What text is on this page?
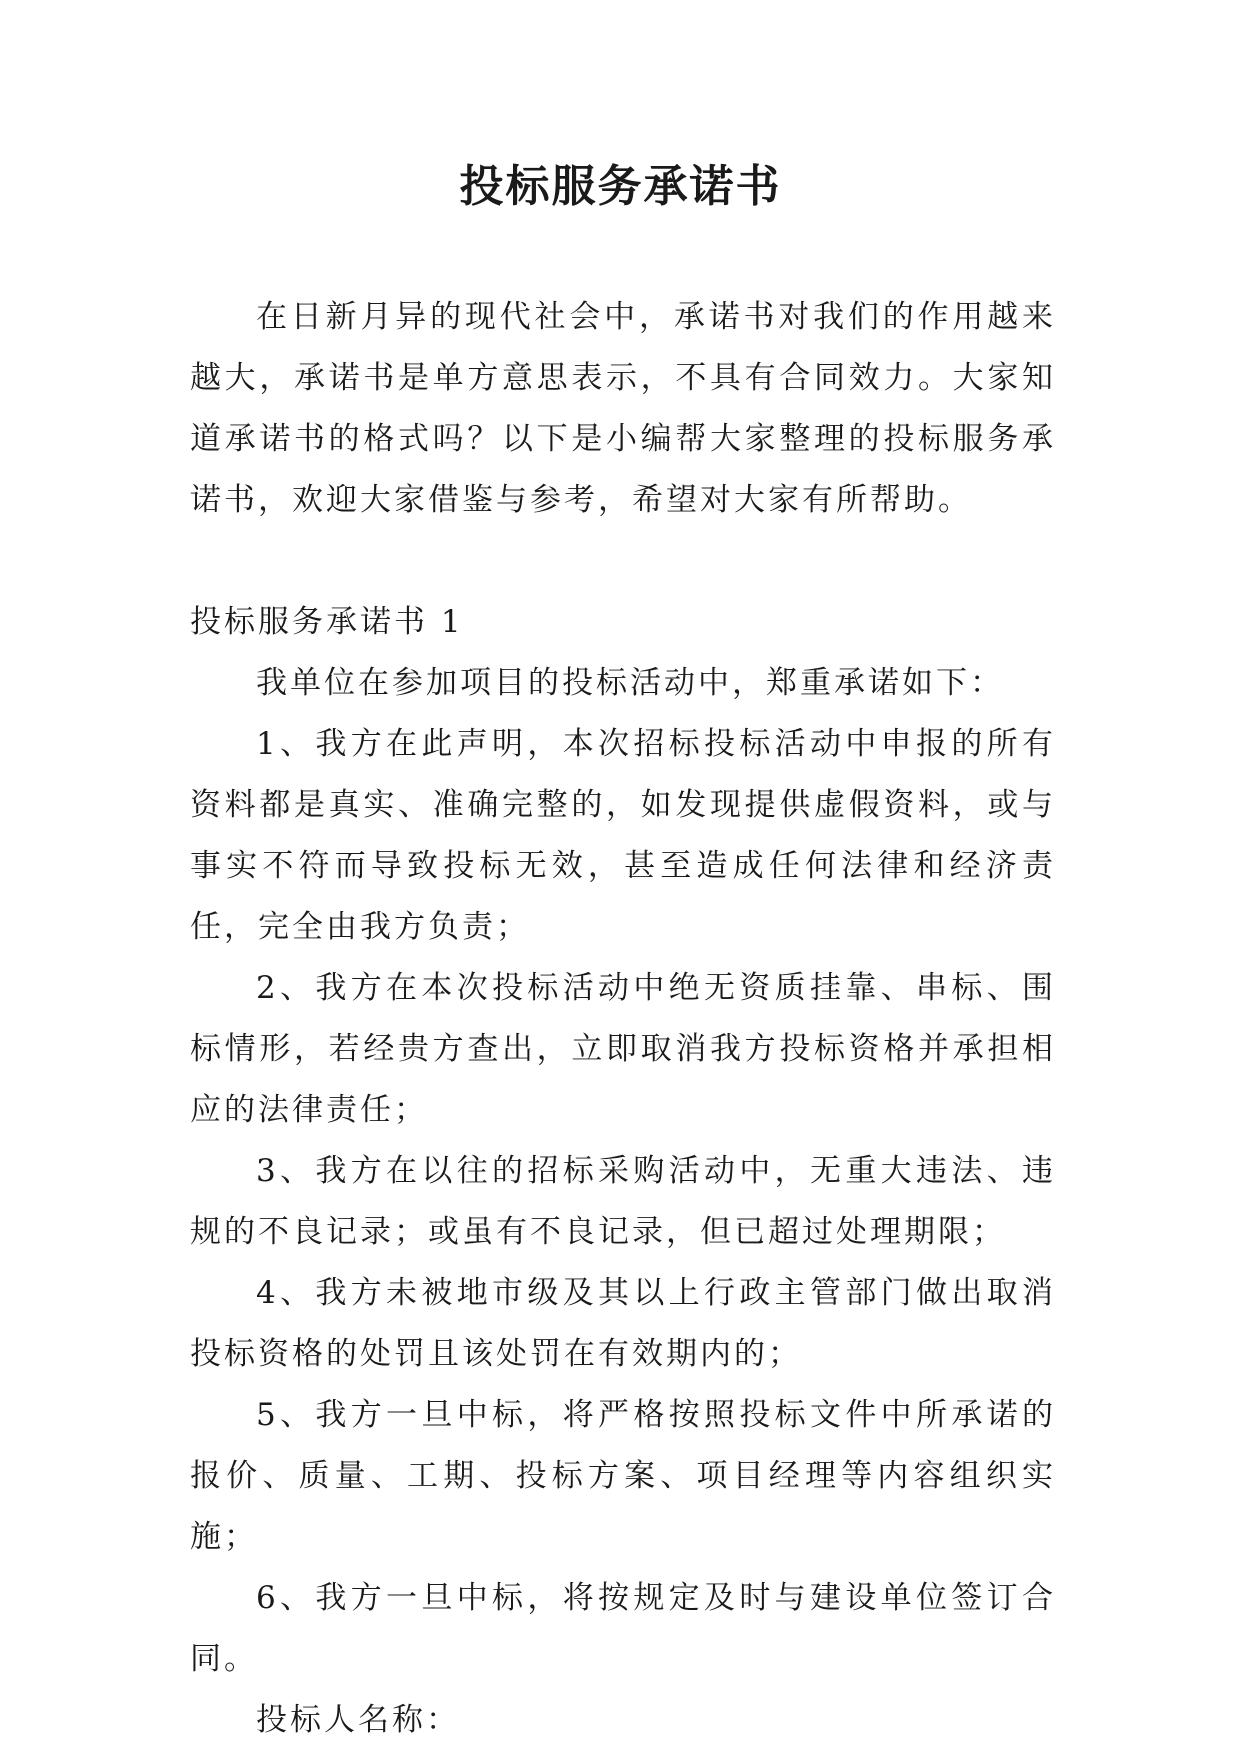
投标服务承诺书

在日新月异的现代社会中，承诺书对我们的作用越来越大，承诺书是单方意思表示，不具有合同效力。大家知道承诺书的格式吗？以下是小编帮大家整理的投标服务承诺书，欢迎大家借鉴与参考，希望对大家有所帮助。

投标服务承诺书 1

我单位在参加项目的投标活动中，郑重承诺如下：

1、我方在此声明，本次招标投标活动中申报的所有资料都是真实、准确完整的，如发现提供虚假资料，或与事实不符而导致投标无效，甚至造成任何法律和经济责任，完全由我方负责；

2、我方在本次投标活动中绝无资质挂靠、串标、围标情形，若经贵方查出，立即取消我方投标资格并承担相应的法律责任；

3、我方在以往的招标采购活动中，无重大违法、违规的不良记录；或虽有不良记录，但已超过处理期限；

4、我方未被地市级及其以上行政主管部门做出取消投标资格的处罚且该处罚在有效期内的；

5、我方一旦中标，将严格按照投标文件中所承诺的报价、质量、工期、投标方案、项目经理等内容组织实施；

6、我方一旦中标，将按规定及时与建设单位签订合同。

投标人名称：
